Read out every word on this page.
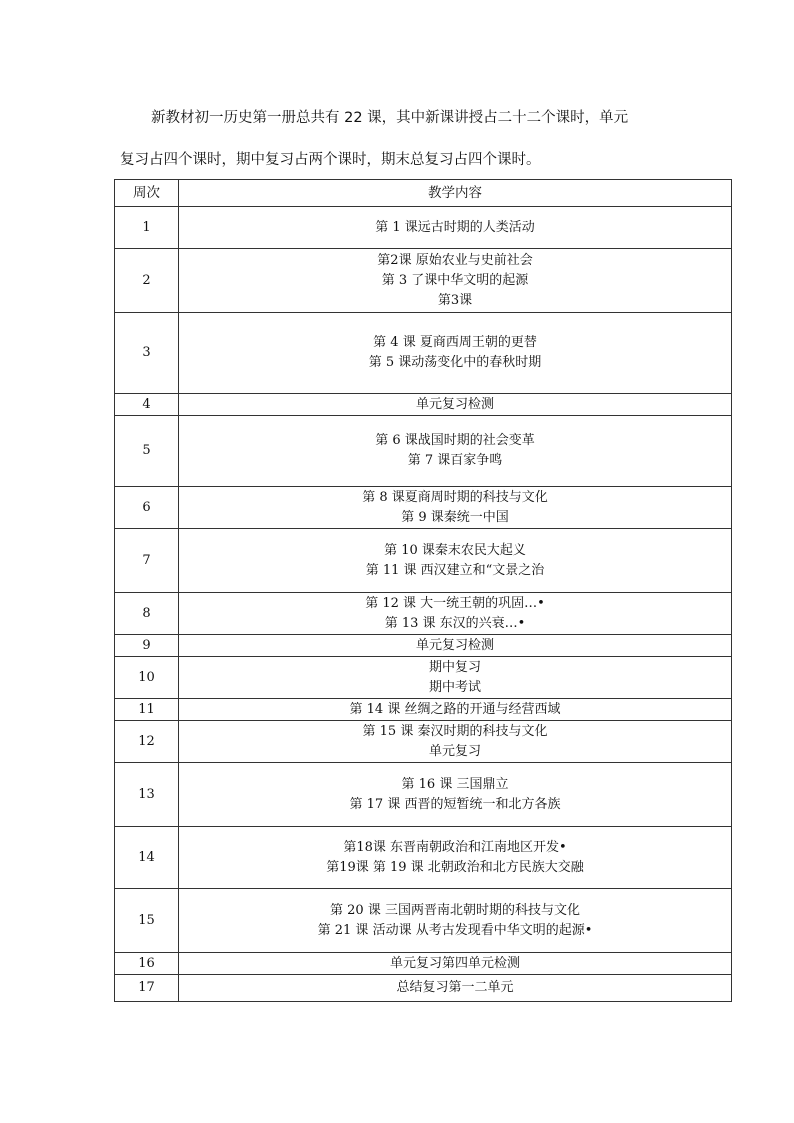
新教材初一历史第一册总共有 22 课，其中新课讲授占二十二个课时，单元

复习占四个课时，期中复习占两个课时，期末总复习占四个课时。

周次	教学内容
1	第 1 课远古时期的人类活动

2	第2课 原始农业与史前社会
第 3 了课中华文明的起源
第3课

3	第 4 课 夏商西周王朝的更替
第 5 课动荡变化中的春秋时期

4	单元复习检测

5	第 6 课战国时期的社会变革
第 7 课百家争鸣

6	第 8 课夏商周时期的科技与文化
第 9 课秦统一中国

7	第 10 课秦末农民大起义
第 11 课 西汉建立和“文景之治

8	第 12 课 大一统王朝的巩固…•
第 13 课 东汉的兴衰…•

9	单元复习检测

10	期中复习
期中考试

11	第 14 课 丝绸之路的开通与经营西域

12	第 15 课 秦汉时期的科技与文化
单元复习

13	第 16 课 三国鼎立
第 17 课 西晋的短暂统一和北方各族

14	第18课 东晋南朝政治和江南地区开发•
第19课 第 19 课 北朝政治和北方民族大交融

15	第 20 课 三国两晋南北朝时期的科技与文化
第 21 课 活动课 从考古发现看中华文明的起源•

16	单元复习第四单元检测

17	总结复习第一二单元
